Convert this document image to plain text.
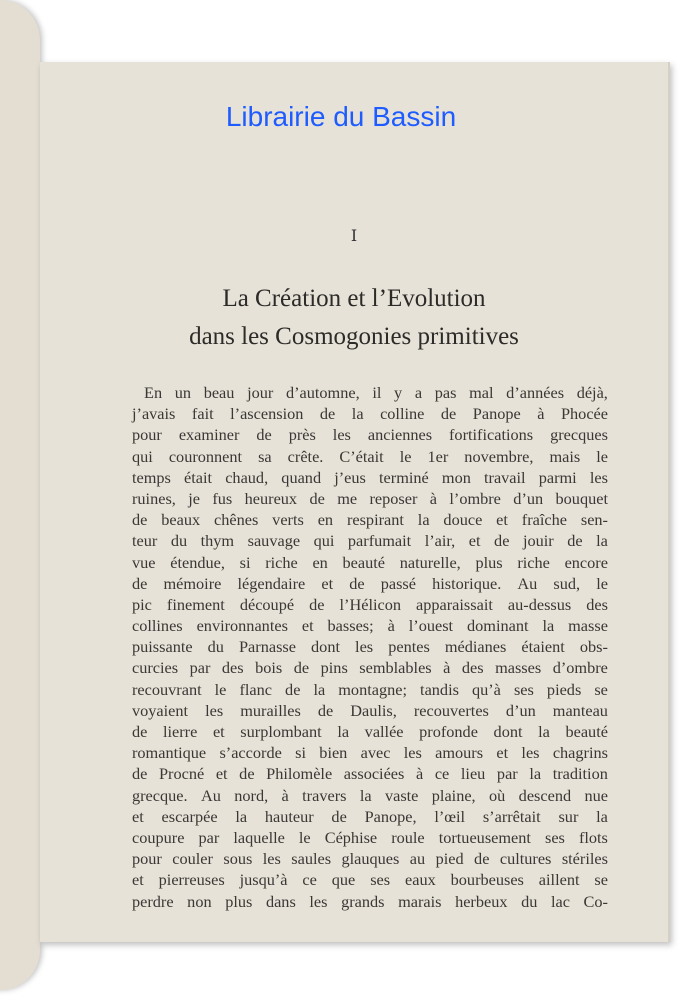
I
La Création et l’Evolution
dans les Cosmogonies primitives
En un beau jour d’automne, il y a pas mal d’années déjà,
j’avais fait l’ascension de la colline de Panope à Phocée
pour examiner de près les anciennes fortifications grecques
qui couronnent sa crête. C’était le 1er novembre, mais le
temps était chaud, quand j’eus terminé mon travail parmi les
ruines, je fus heureux de me reposer à l’ombre d’un bouquet
de beaux chênes verts en respirant la douce et fraîche sen-
teur du thym sauvage qui parfumait l’air, et de jouir de la
vue étendue, si riche en beauté naturelle, plus riche encore
de mémoire légendaire et de passé historique. Au sud, le
pic finement découpé de l’Hélicon apparaissait au-dessus des
collines environnantes et basses; à l’ouest dominant la masse
puissante du Parnasse dont les pentes médianes étaient obs-
curcies par des bois de pins semblables à des masses d’ombre
recouvrant le flanc de la montagne; tandis qu’à ses pieds se
voyaient les murailles de Daulis, recouvertes d’un manteau
de lierre et surplombant la vallée profonde dont la beauté
romantique s’accorde si bien avec les amours et les chagrins
de Procné et de Philomèle associées à ce lieu par la tradition
grecque. Au nord, à travers la vaste plaine, où descend nue
et escarpée la hauteur de Panope, l’œil s’arrêtait sur la
coupure par laquelle le Céphise roule tortueusement ses flots
pour couler sous les saules glauques au pied de cultures stériles
et pierreuses jusqu’à ce que ses eaux bourbeuses aillent se
perdre non plus dans les grands marais herbeux du lac Co-
Librairie du Bassin
